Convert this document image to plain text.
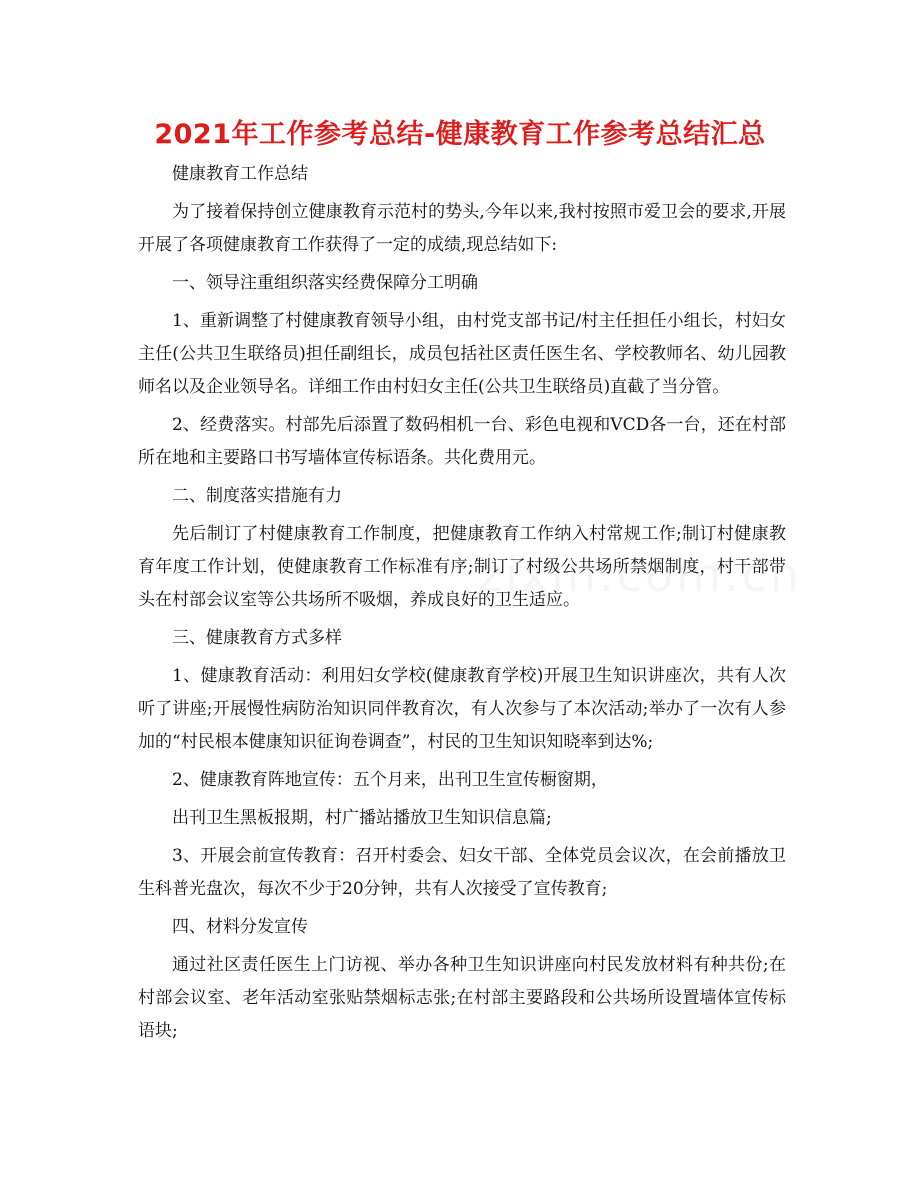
2021年工作参考总结-健康教育工作参考总结汇总

健康教育工作总结

为了接着保持创立健康教育示范村的势头,今年以来,我村按照市爱卫会的要求,开展开展了各项健康教育工作获得了一定的成绩,现总结如下:

一、领导注重组织落实经费保障分工明确

1、重新调整了村健康教育领导小组，由村党支部书记/村主任担任小组长，村妇女主任(公共卫生联络员)担任副组长，成员包括社区责任医生名、学校教师名、幼儿园教师名以及企业领导名。详细工作由村妇女主任(公共卫生联络员)直截了当分管。

2、经费落实。村部先后添置了数码相机一台、彩色电视和VCD各一台，还在村部所在地和主要路口书写墙体宣传标语条。共化费用元。

二、制度落实措施有力

先后制订了村健康教育工作制度，把健康教育工作纳入村常规工作;制订村健康教育年度工作计划，使健康教育工作标准有序;制订了村级公共场所禁烟制度，村干部带头在村部会议室等公共场所不吸烟，养成良好的卫生适应。

三、健康教育方式多样

1、健康教育活动：利用妇女学校(健康教育学校)开展卫生知识讲座次，共有人次听了讲座;开展慢性病防治知识同伴教育次，有人次参与了本次活动;举办了一次有人参加的“村民根本健康知识征询卷调查”，村民的卫生知识知晓率到达%;

2、健康教育阵地宣传：五个月来，出刊卫生宣传橱窗期，

出刊卫生黑板报期，村广播站播放卫生知识信息篇;

3、开展会前宣传教育：召开村委会、妇女干部、全体党员会议次，在会前播放卫生科普光盘次，每次不少于20分钟，共有人次接受了宣传教育;

四、材料分发宣传

通过社区责任医生上门访视、举办各种卫生知识讲座向村民发放材料有种共份;在村部会议室、老年活动室张贴禁烟标志张;在村部主要路段和公共场所设置墙体宣传标语块;
